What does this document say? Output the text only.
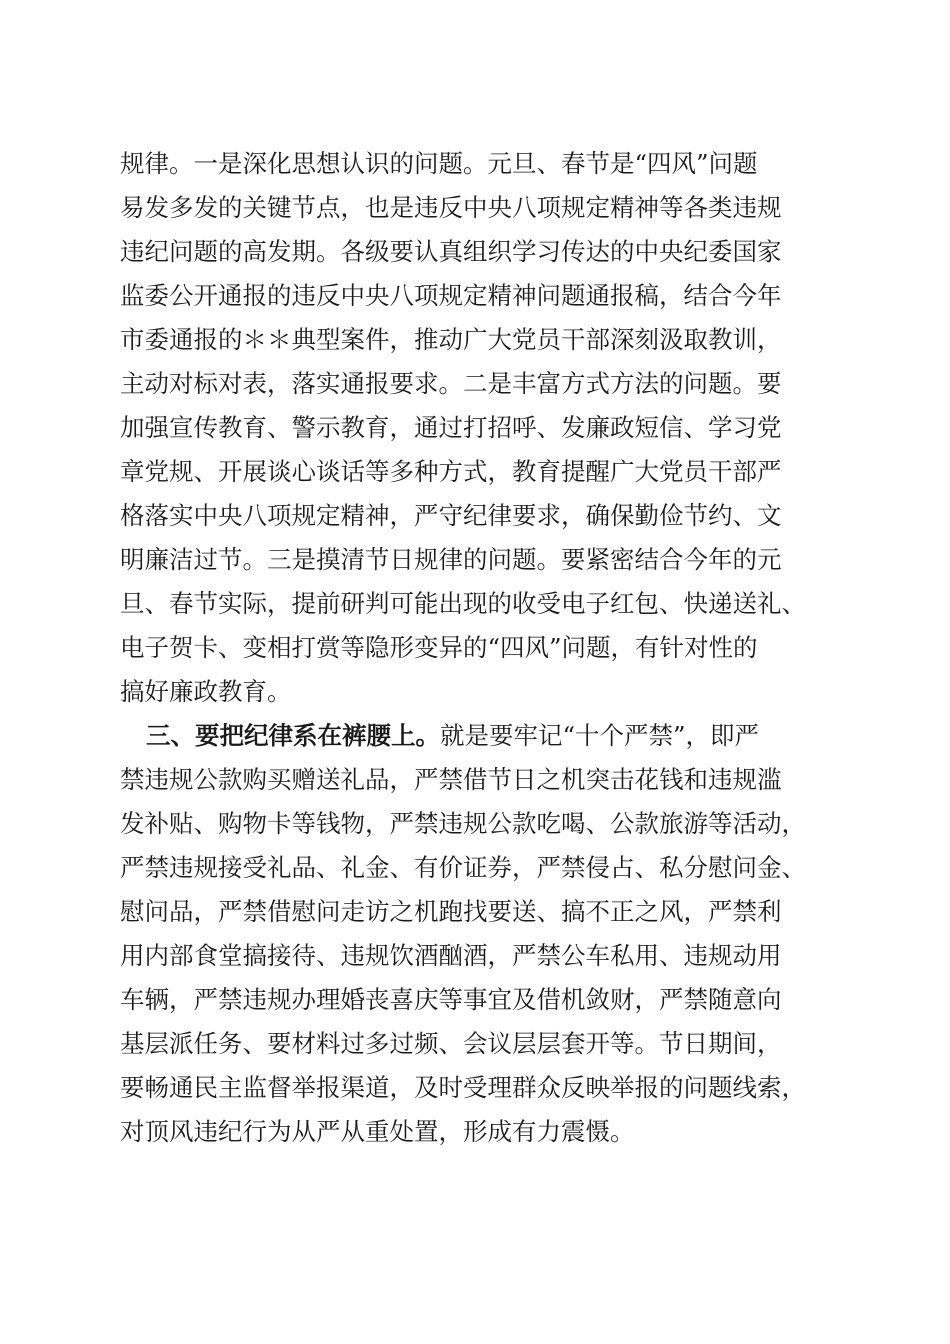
规律。一是深化思想认识的问题。元旦、春节是“四风”问题
易发多发的关键节点，也是违反中央八项规定精神等各类违规
违纪问题的高发期。各级要认真组织学习传达的中央纪委国家
监委公开通报的违反中央八项规定精神问题通报稿，结合今年
市委通报的＊＊典型案件，推动广大党员干部深刻汲取教训，
主动对标对表，落实通报要求。二是丰富方式方法的问题。要
加强宣传教育、警示教育，通过打招呼、发廉政短信、学习党
章党规、开展谈心谈话等多种方式，教育提醒广大党员干部严
格落实中央八项规定精神，严守纪律要求，确保勤俭节约、文
明廉洁过节。三是摸清节日规律的问题。要紧密结合今年的元
旦、春节实际，提前研判可能出现的收受电子红包、快递送礼、
电子贺卡、变相打赏等隐形变异的“四风”问题，有针对性的
搞好廉政教育。
三、要把纪律系在裤腰上。就是要牢记“十个严禁”，即严
禁违规公款购买赠送礼品，严禁借节日之机突击花钱和违规滥
发补贴、购物卡等钱物，严禁违规公款吃喝、公款旅游等活动，
严禁违规接受礼品、礼金、有价证券，严禁侵占、私分慰问金、
慰问品，严禁借慰问走访之机跑找要送、搞不正之风，严禁利
用内部食堂搞接待、违规饮酒酗酒，严禁公车私用、违规动用
车辆，严禁违规办理婚丧喜庆等事宜及借机敛财，严禁随意向
基层派任务、要材料过多过频、会议层层套开等。节日期间，
要畅通民主监督举报渠道，及时受理群众反映举报的问题线索，
对顶风违纪行为从严从重处置，形成有力震慑。
